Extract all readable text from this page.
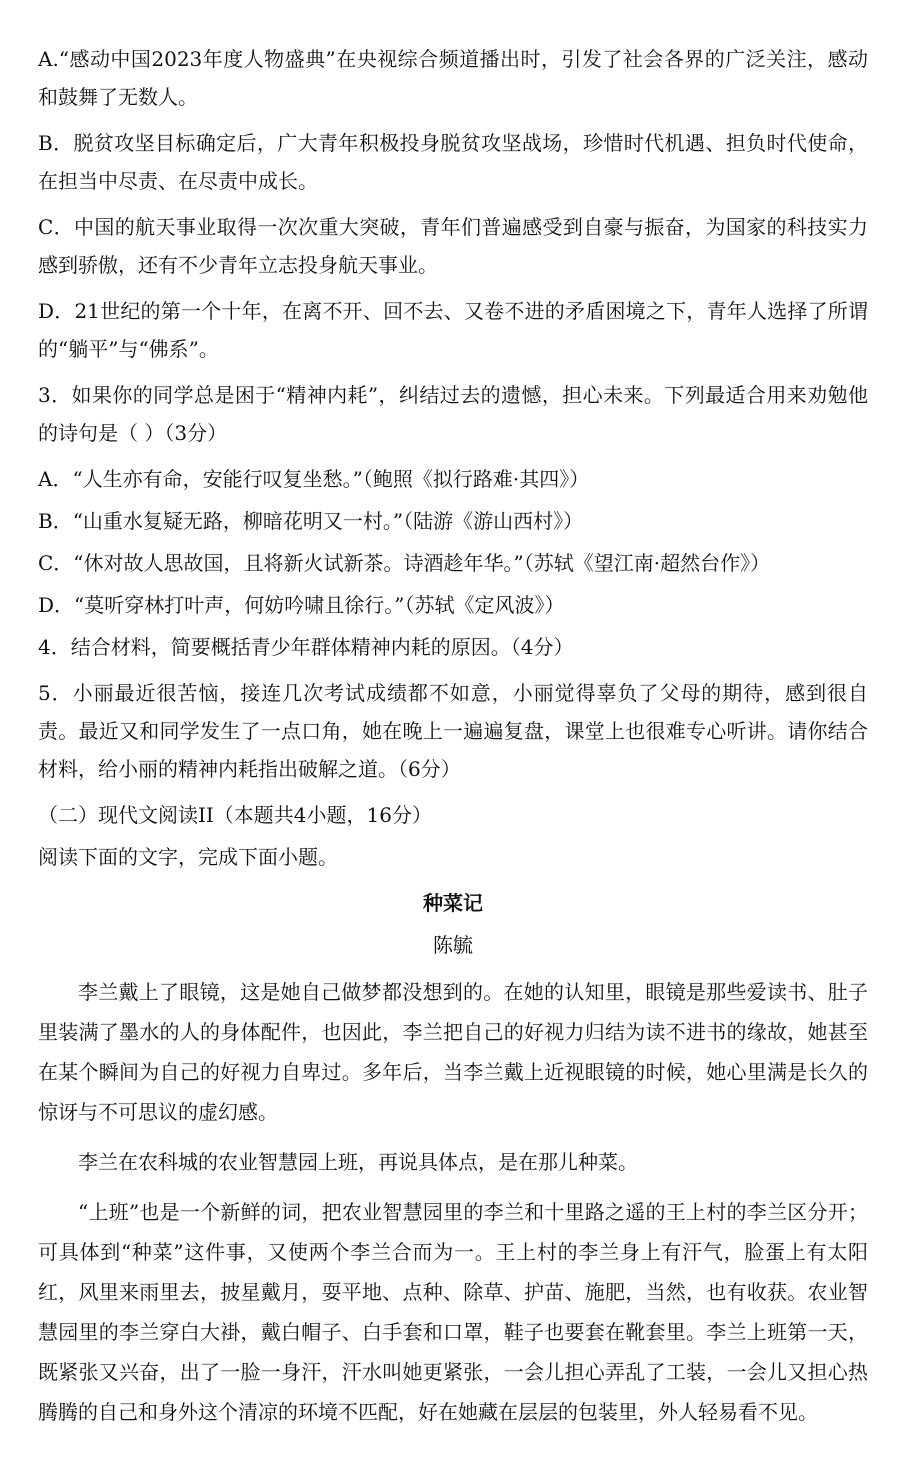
A.“感动中国2023年度人物盛典”在央视综合频道播出时，引发了社会各界的广泛关注，感动和鼓舞了无数人。

B．脱贫攻坚目标确定后，广大青年积极投身脱贫攻坚战场，珍惜时代机遇、担负时代使命，在担当中尽责、在尽责中成长。

C．中国的航天事业取得一次次重大突破，青年们普遍感受到自豪与振奋，为国家的科技实力感到骄傲，还有不少青年立志投身航天事业。

D．21世纪的第一个十年，在离不开、回不去、又卷不进的矛盾困境之下，青年人选择了所谓的“躺平”与“佛系”。

3．如果你的同学总是困于“精神内耗”，纠结过去的遗憾，担心未来。下列最适合用来劝勉他的诗句是（ ）（3分）

A．“人生亦有命，安能行叹复坐愁。”（鲍照《拟行路难·其四》）

B．“山重水复疑无路，柳暗花明又一村。”（陆游《游山西村》）

C．“休对故人思故国，且将新火试新茶。诗酒趁年华。”（苏轼《望江南·超然台作》）

D．“莫听穿林打叶声，何妨吟啸且徐行。”（苏轼《定风波》）

4．结合材料，简要概括青少年群体精神内耗的原因。（4分）

5．小丽最近很苦恼，接连几次考试成绩都不如意，小丽觉得辜负了父母的期待，感到很自责。最近又和同学发生了一点口角，她在晚上一遍遍复盘，课堂上也很难专心听讲。请你结合材料，给小丽的精神内耗指出破解之道。（6分）

（二）现代文阅读II（本题共4小题，16分）

阅读下面的文字，完成下面小题。

种菜记

陈毓

李兰戴上了眼镜，这是她自己做梦都没想到的。在她的认知里，眼镜是那些爱读书、肚子里装满了墨水的人的身体配件，也因此，李兰把自己的好视力归结为读不进书的缘故，她甚至在某个瞬间为自己的好视力自卑过。多年后，当李兰戴上近视眼镜的时候，她心里满是长久的惊讶与不可思议的虚幻感。

李兰在农科城的农业智慧园上班，再说具体点，是在那儿种菜。

“上班”也是一个新鲜的词，把农业智慧园里的李兰和十里路之遥的王上村的李兰区分开；可具体到“种菜”这件事，又使两个李兰合而为一。王上村的李兰身上有汗气，脸蛋上有太阳红，风里来雨里去，披星戴月，耍平地、点种、除草、护苗、施肥，当然，也有收获。农业智慧园里的李兰穿白大褂，戴白帽子、白手套和口罩，鞋子也要套在靴套里。李兰上班第一天，既紧张又兴奋，出了一脸一身汗，汗水叫她更紧张，一会儿担心弄乱了工装，一会儿又担心热腾腾的自己和身外这个清凉的环境不匹配，好在她藏在层层的包装里，外人轻易看不见。
